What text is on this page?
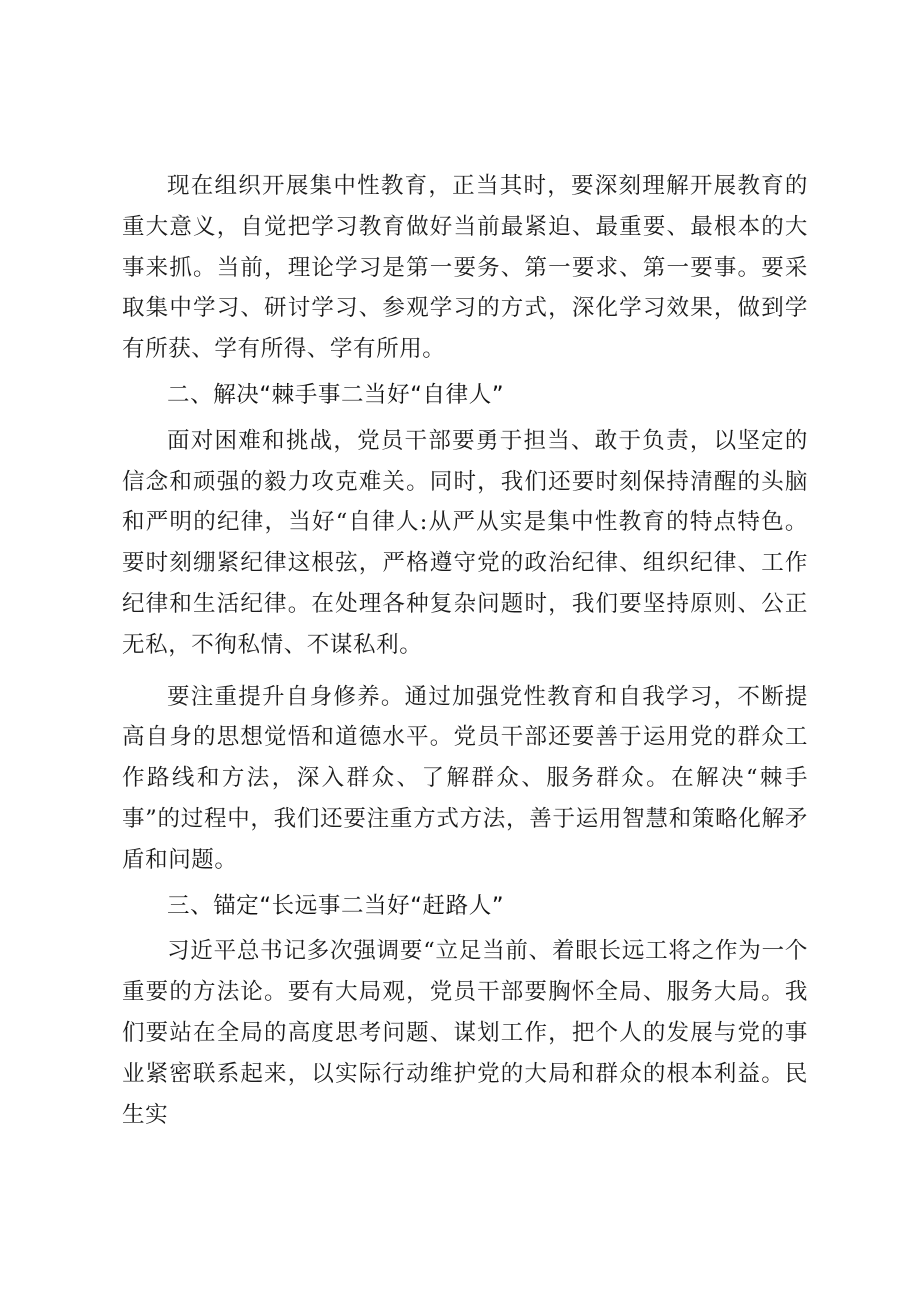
现在组织开展集中性教育，正当其时，要深刻理解开展教育的重大意义，自觉把学习教育做好当前最紧迫、最重要、最根本的大事来抓。当前，理论学习是第一要务、第一要求、第一要事。要采取集中学习、研讨学习、参观学习的方式，深化学习效果，做到学有所获、学有所得、学有所用。

二、解决“棘手事二当好“自律人”

面对困难和挑战，党员干部要勇于担当、敢于负责，以坚定的信念和顽强的毅力攻克难关。同时，我们还要时刻保持清醒的头脑和严明的纪律，当好“自律人:从严从实是集中性教育的特点特色。要时刻绷紧纪律这根弦，严格遵守党的政治纪律、组织纪律、工作纪律和生活纪律。在处理各种复杂问题时，我们要坚持原则、公正无私，不徇私情、不谋私利。

要注重提升自身修养。通过加强党性教育和自我学习，不断提高自身的思想觉悟和道德水平。党员干部还要善于运用党的群众工作路线和方法，深入群众、了解群众、服务群众。在解决“棘手事”的过程中，我们还要注重方式方法，善于运用智慧和策略化解矛盾和问题。

三、锚定“长远事二当好“赶路人”

习近平总书记多次强调要“立足当前、着眼长远工将之作为一个重要的方法论。要有大局观，党员干部要胸怀全局、服务大局。我们要站在全局的高度思考问题、谋划工作，把个人的发展与党的事业紧密联系起来，以实际行动维护党的大局和群众的根本利益。民生实
